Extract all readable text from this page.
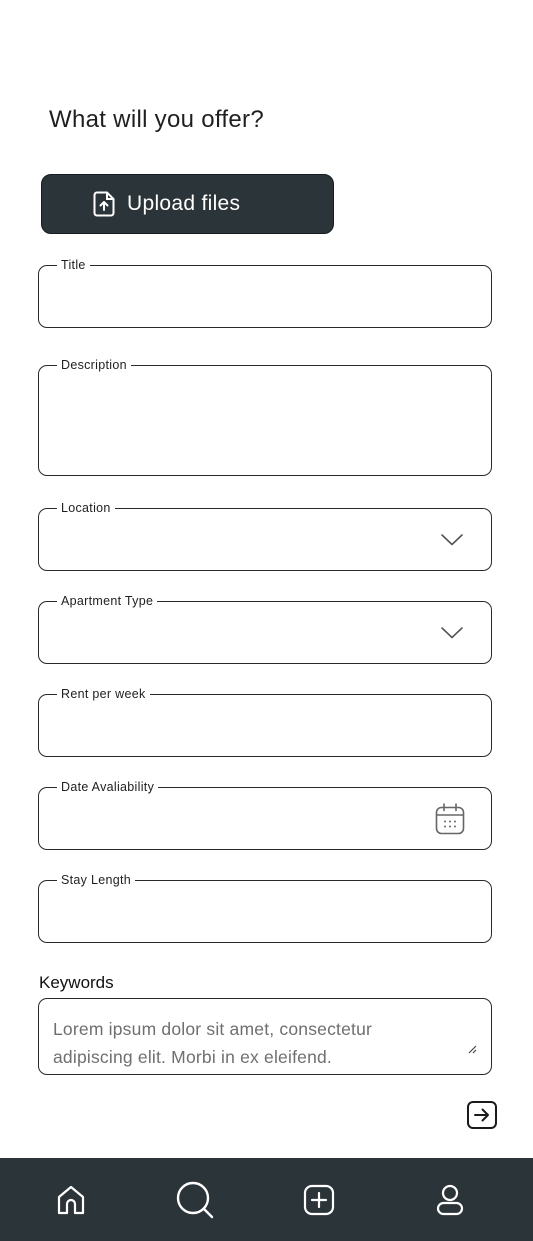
What will you offer?
Upload files
Title
Description
Location
Apartment Type
Rent per week
Date Avaliability
Stay Length
Keywords
Lorem ipsum dolor sit amet, consectetur
adipiscing elit. Morbi in ex eleifend.
